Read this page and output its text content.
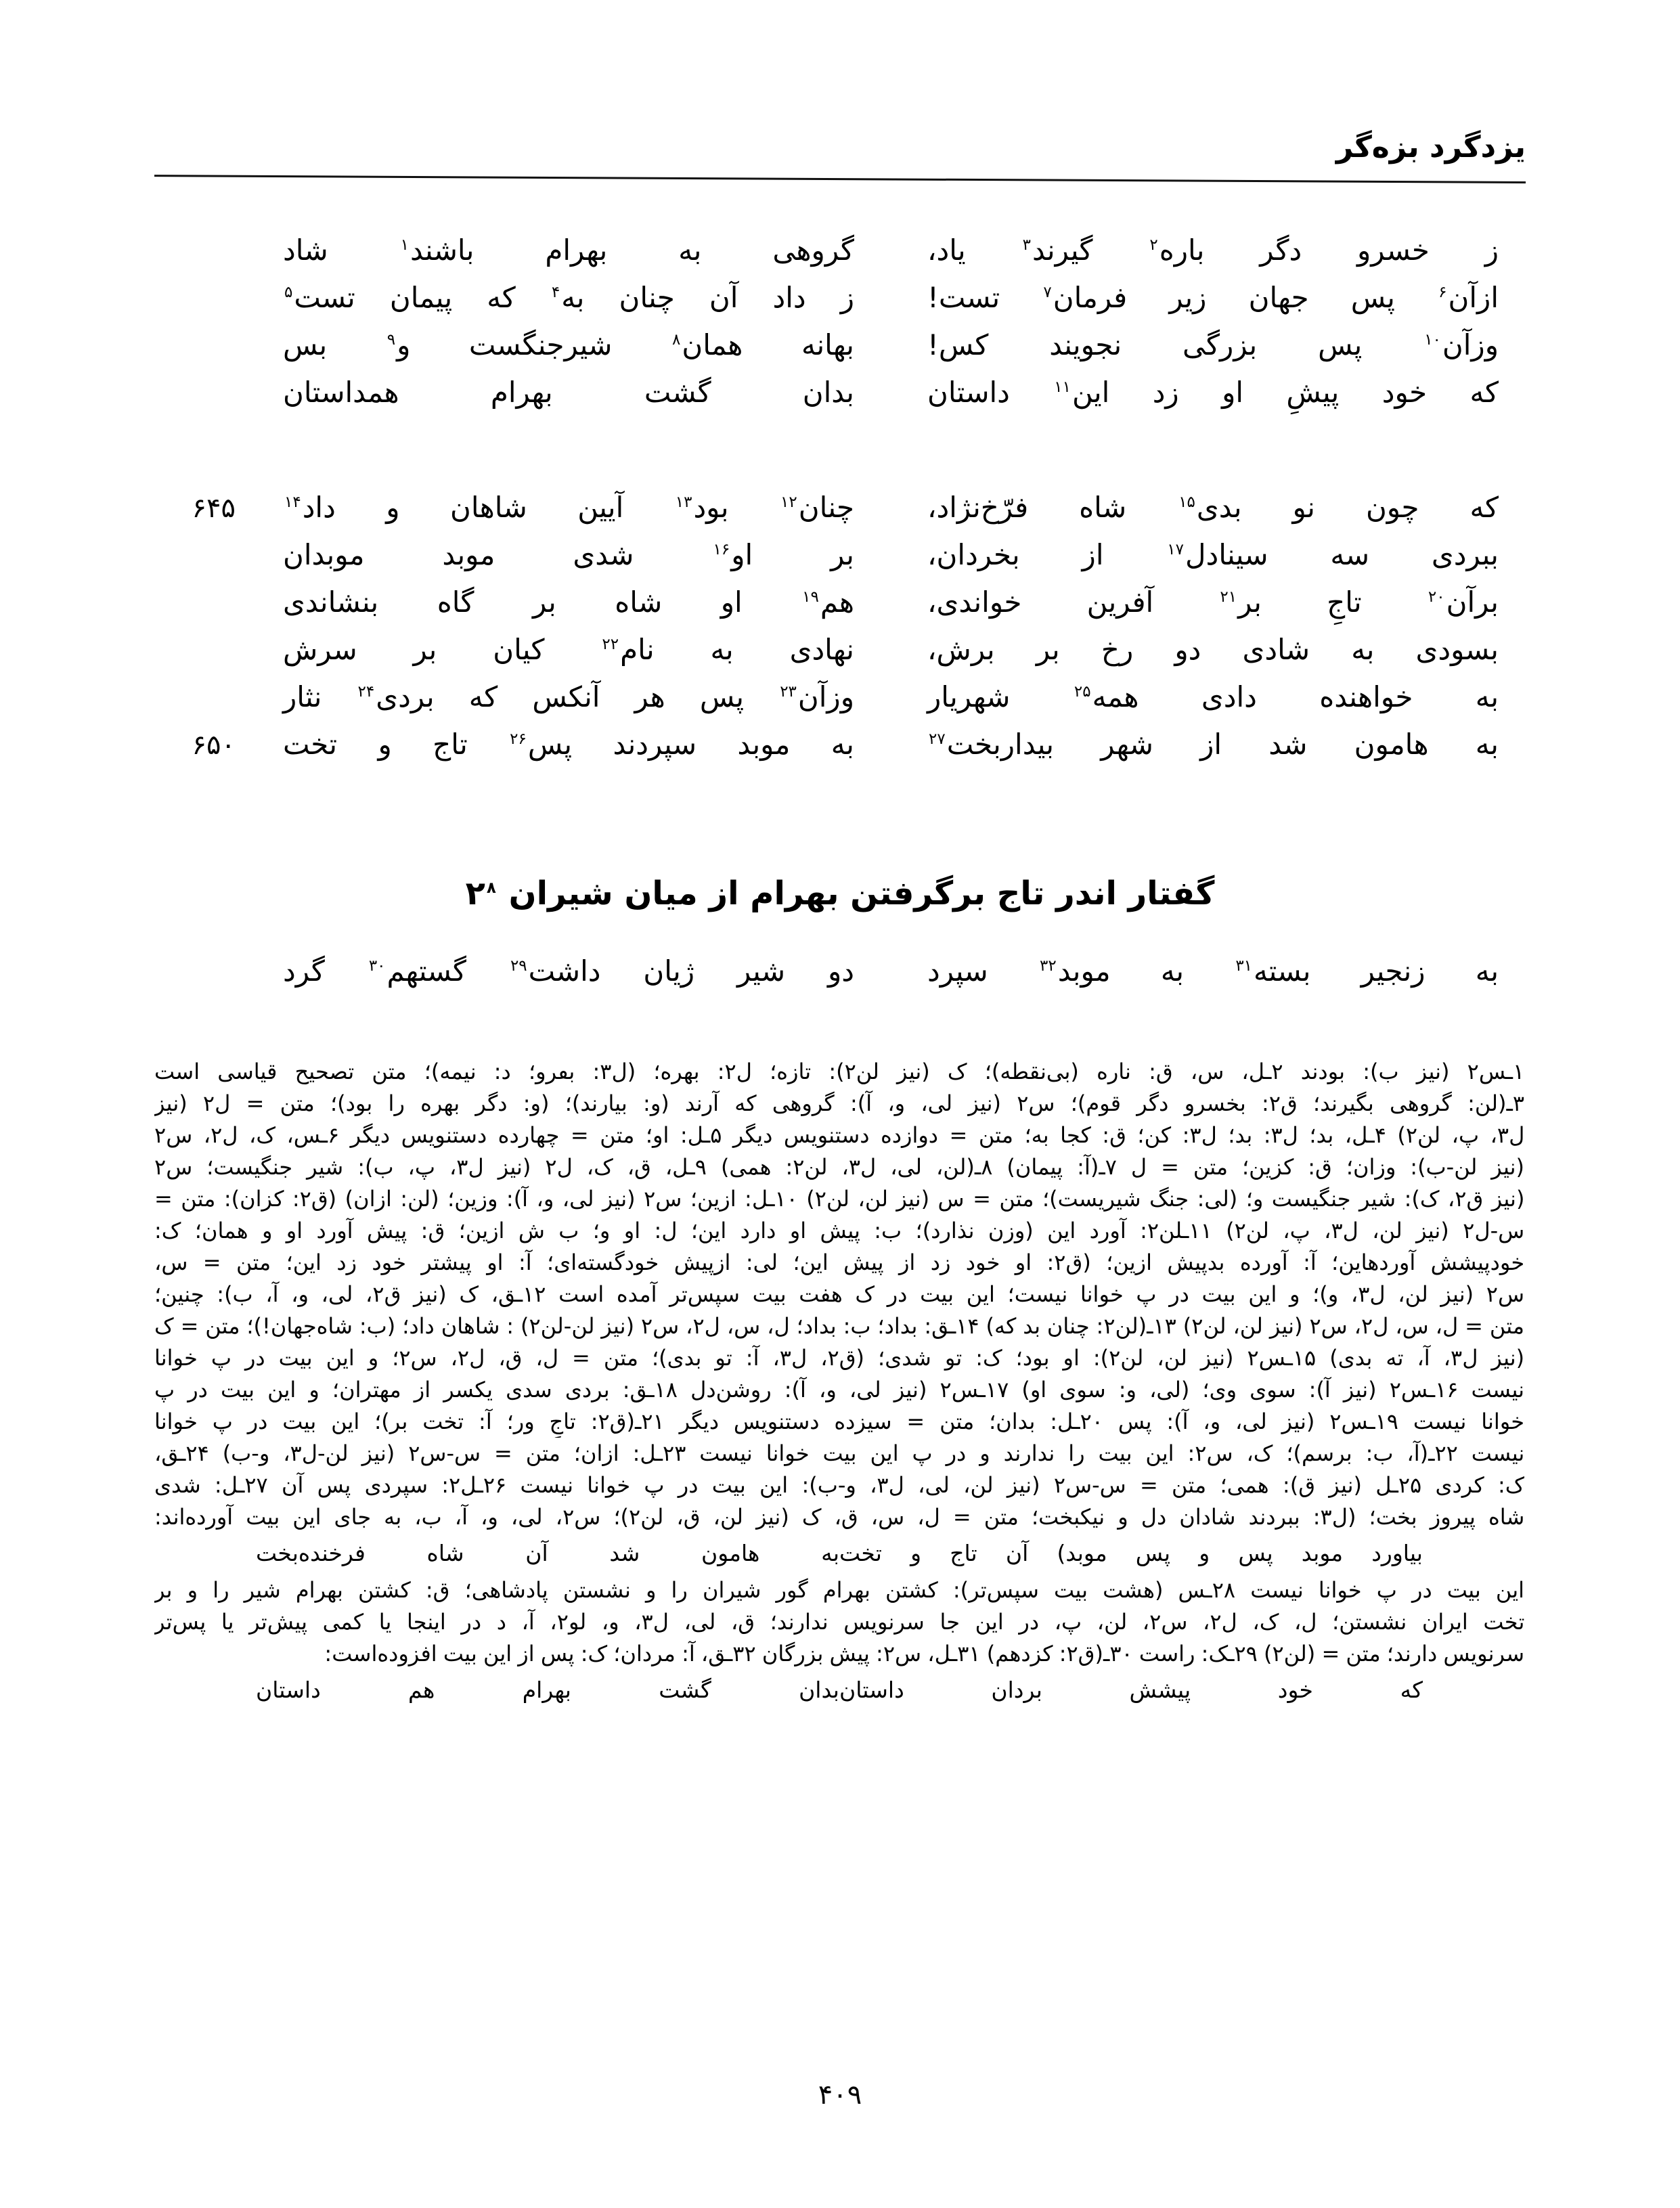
یزدگرد بزه‌گر
ز خسرو دگر باره$^۲$ گیرند$^۳$ یاد،
گروهی به بهرام باشند$^۱$ شاد
ازآن$^۶$ پس جهان زیر فرمان$^۷$ تست!
ز داد آن چنان به$^۴$ که پیمان تست$^۵$
وزآن$^{۱۰}$ پس بزرگی نجویند کس!
بهانه همان$^۸$ شیرجنگست و$^۹$ بس
که خود پیشِ او زد این$^{۱۱}$ داستان
بدان گشت بهرام همداستان
که چون نو بدی$^{۱۵}$ شاه فرّخ‌نژاد،
چنان$^{۱۲}$ بود$^{۱۳}$ آیین شاهان و داد$^{۱۴}$
۶۴۵
ببردی سه سینادل$^{۱۷}$ از بخردان،
بر او$^{۱۶}$ شدی موبد موبدان
برآن$^{۲۰}$ تاجِ بر$^{۲۱}$ آفرین خواندی،
هم$^{۱۹}$ او شاه بر گاه بنشاندی
بسودی به شادی دو رخ بر برش،
نهادی به نام$^{۲۲}$ کیان بر سرش
به خواهنده دادی همه$^{۲۵}$ شهریار
وزآن$^{۲۳}$ پس هر آنکس که بردی$^{۲۴}$ نثار
به هامون شد از شهر بیداربخت$^{۲۷}$
به موبد سپردند پس$^{۲۶}$ تاج و تخت
۶۵۰
گفتار اندر تاج برگرفتن بهرام از میان شیران ۲$^۸$
به زنجیر بسته$^{۳۱}$ به موبد$^{۳۲}$ سپرد
دو شیر ژیان داشت$^{۲۹}$ گستهم$^{۳۰}$ گرد
۱ـس۲ (نیز ب): بودند ۲ـل، س، ق: ناره (بی‌نقطه)؛ ک (نیز لن۲): تازه؛ ل۲: بهره؛ (ل۳: بٯرو؛ د: نیمه)؛ متن تصحیح قیاسی است
۳ـ(لن: گروهی بگیرند؛ ق۲: بخسرو دگر قوم)؛ س۲ (نیز لی، و، آ): گروهی که آرند (و: بیارند)؛ (و: دگر بهره را بود)؛ متن = ل۲ (نیز
ل۳، پ، لن۲) ۴ـل، بد؛ ل۳: بد؛ ل۳: کن؛ ق: کجا به؛ متن = دوازده دستنویس دیگر ۵ـل: او؛ متن = چهارده دستنویس دیگر ۶ـس، ک، ل۲، س۲
(نیز لن-ب): وزان؛ ق: کزین؛ متن = ل ۷ـ(آ: پیمان) ۸ـ(لن، لی، ل۳، لن۲: همی) ۹ـل، ق، ک، ل۲ (نیز ل۳، پ، ب): شیر جنگیست؛ س۲
(نیز ق۲، ک): شیر جنگیست و؛ (لی: جنگ شیریست)؛ متن = س (نیز لن، لن۲) ۱۰ـل: ازین؛ س۲ (نیز لی، و، آ): وزین؛ (لن: ازان) (ق۲: کزان): متن =
س-ل۲ (نیز لن، ل۳، پ، لن۲) ۱۱ـلن۲: آورد این (وزن نذارد)؛ ب: پیش او دارد این؛ ل: او و؛ ب ش ازین؛ ق: پیش آورد او و همان؛ ک:
خودپیشش آوردهاین؛ آ: آورده بدپیش ازین؛ (ق۲: او خود زد از پیش این؛ لی: ازپیش خودگسته‌ای؛ آ: او پیشتر خود زد این؛ متن = س،
س۲ (نیز لن، ل۳، و)؛ و این بیت در پ خوانا نیست؛ این بیت در ک هفت بیت سپس‌تر آمده است ۱۲ـق، ک (نیز ق۲، لی، و، آ، ب): چنین؛
متن = ل، س، ل۲، س۲ (نیز لن، لن۲) ۱۳ـ(لن۲: چنان بد که) ۱۴ـق: بداد؛ ب: بداد؛ ل، س، ل۲، س۲ (نیز لن-لن۲) : شاهان داد؛ (ب: شاه‌جهان!)؛ متن = ک
(نیز ل۳، آ، ته بدی) ۱۵ـس۲ (نیز لن، لن۲): او بود؛ ک: تو شدی؛ (ق۲، ل۳، آ: تو بدی)؛ متن = ل، ق، ل۲، س۲؛ و این بیت در پ خوانا
نیست ۱۶ـس۲ (نیز آ): سوی وی؛ (لی، و: سوی او) ۱۷ـس۲ (نیز لی، و، آ): روشن‌دل ۱۸ـق: بردی سدی یکسر از مهتران؛ و این بیت در پ
خوانا نیست ۱۹ـس۲ (نیز لی، و، آ): پس ۲۰ـل: بدان؛ متن = سیزده دستنویس دیگر ۲۱ـ(ق۲: تاجِ ور؛ آ: تخت بر)؛ این بیت در پ خوانا
نیست ۲۲ـ(آ، ب: برسم)؛ ک، س۲: این بیت را ندارند و در پ این بیت خوانا نیست ۲۳ـل: ازان؛ متن = س-س۲ (نیز لن-ل۳، و-ب) ۲۴ـق،
ک: کردی ۲۵ـل (نیز ق): همی؛ متن = س-س۲ (نیز لن، لی، ل۳، و-ب): این بیت در پ خوانا نیست ۲۶ـل۲: سپردی پس آن ۲۷ـل: شدی
شاه پیروز بخت؛ (ل۳: ببردند شادان دل و نیکبخت؛ متن = ل، س، ق، ک (نیز لن، ق، لن۲)؛ س۲، لی، و، آ، ب، به جای این بیت آورده‌اند:
بیاورد موبد پس و پس موبد) آن تاج و تخت
به هامون شد آن شاه فرخنده‌بخت
این بیت در پ خوانا نیست ۲۸ـس (هشت بیت سپس‌تر): کشتن بهرام گور شیران را و نشستن پادشاهی؛ ق: کشتن بهرام شیر را و بر
تخت ایران نشستن؛ ل، ک، ل۲، س۲، لن، پ، در این جا سرنویس ندارند؛ ق، لی، ل۳، و، لو۲، آ، د در اینجا یا کمی پیش‌تر یا پس‌تر
سرنویس دارند؛ متن = (لن۲) ۲۹ـک: راست ۳۰ـ(ق۲: کزدهم) ۳۱ـل، س۲: پیش بزرگان ۳۲ـق، آ: مردان؛ ک: پس از این بیت افزوده‌است:
که خود پیشش بردان داستان
بدان گشت بهرام هم داستان
۴۰۹
